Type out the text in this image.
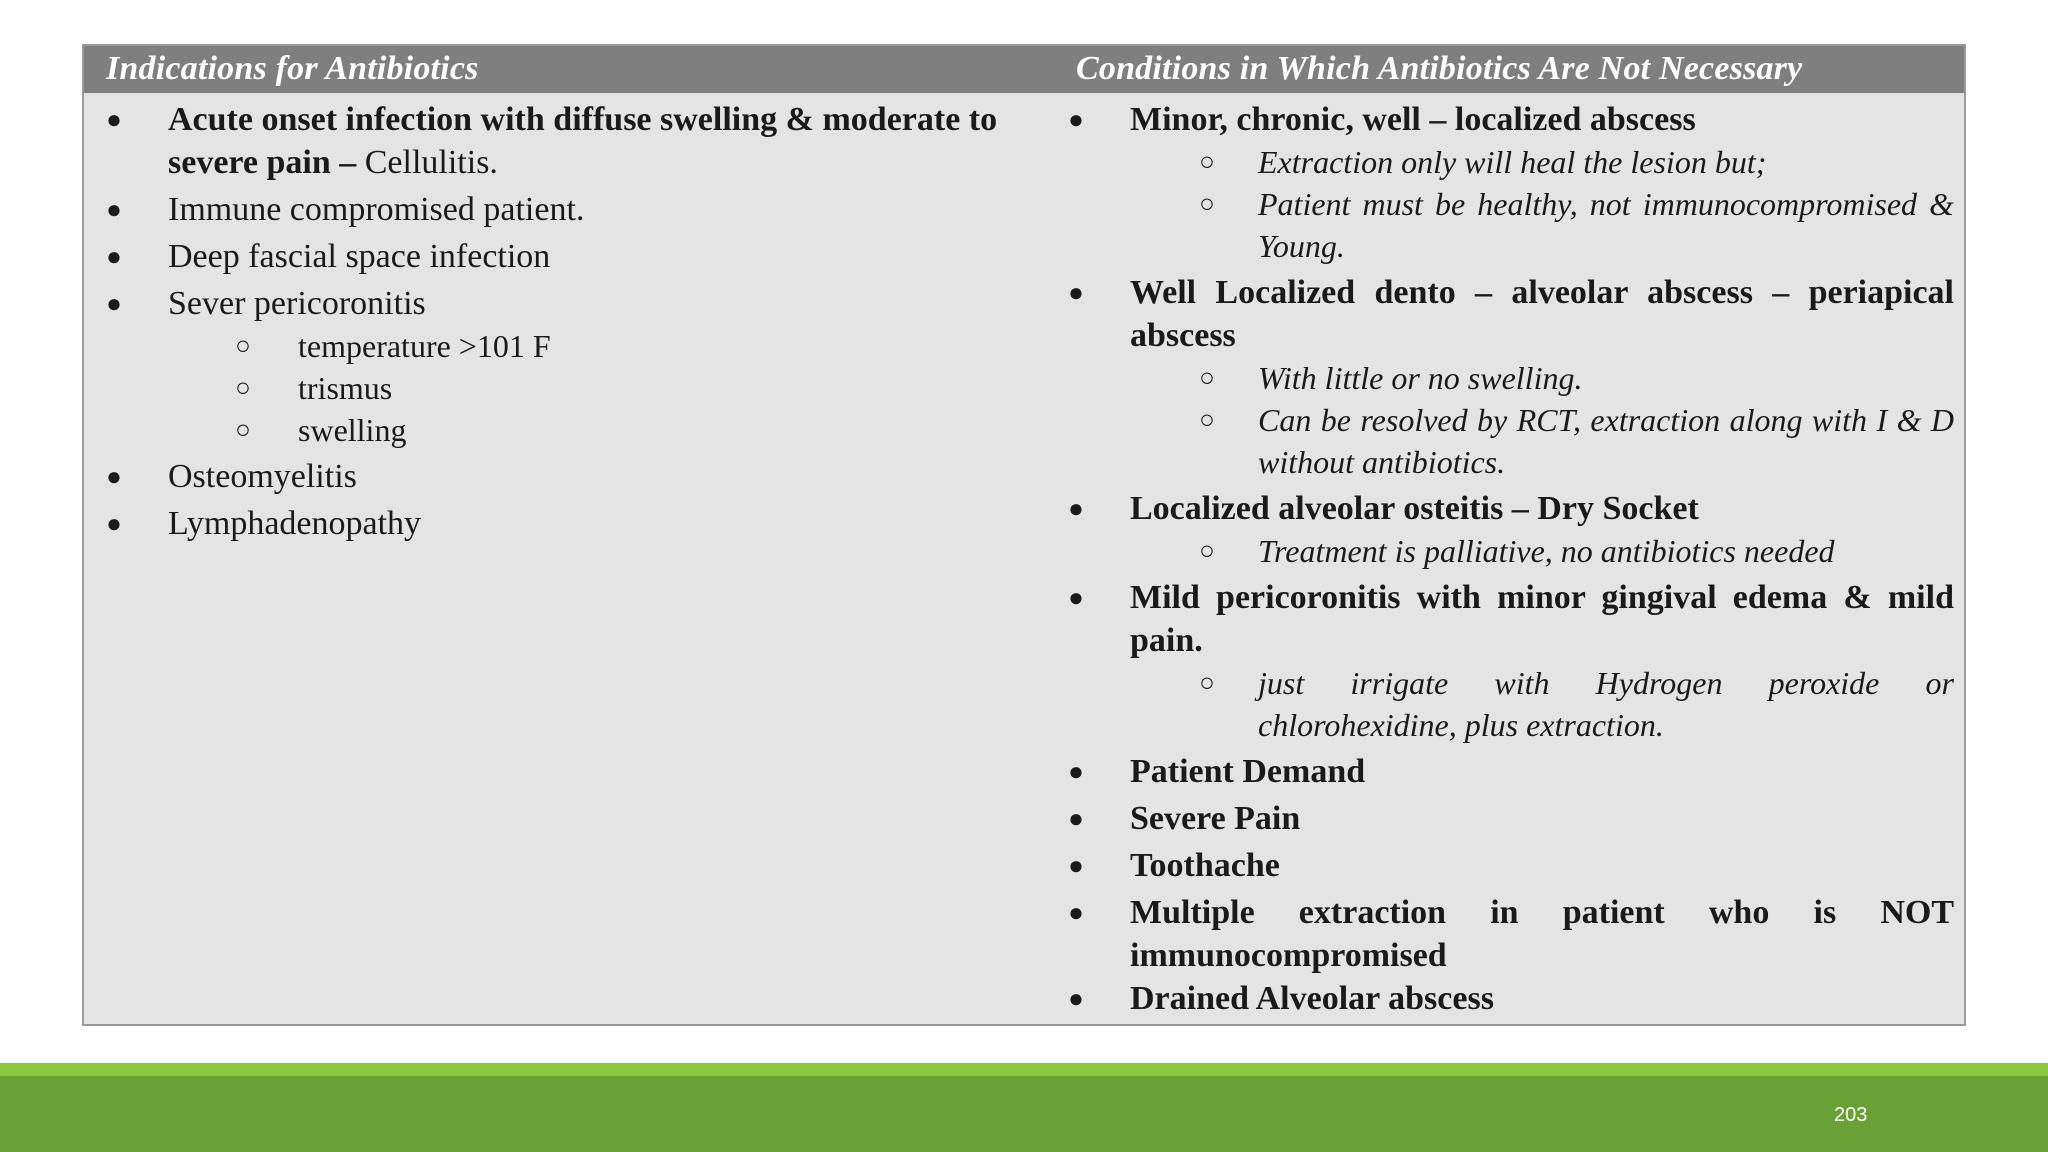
Indications for Antibiotics	Conditions in Which Antibiotics Are Not Necessary
● Acute onset infection with diffuse swelling & moderate to severe pain – Cellulitis.
● Immune compromised patient.
● Deep fascial space infection
● Sever pericoronitis
○ temperature >101 F
○ trismus
○ swelling
● Osteomyelitis
● Lymphadenopathy
● Minor, chronic, well – localized abscess
○ Extraction only will heal the lesion but;
○ Patient must be healthy, not immunocompromised & Young.
● Well Localized dento – alveolar abscess – periapical abscess
○ With little or no swelling.
○ Can be resolved by RCT, extraction along with I & D without antibiotics.
● Localized alveolar osteitis – Dry Socket
○ Treatment is palliative, no antibiotics needed
● Mild pericoronitis with minor gingival edema & mild pain.
○ just irrigate with Hydrogen peroxide or chlorohexidine, plus extraction.
● Patient Demand
● Severe Pain
● Toothache
● Multiple extraction in patient who is NOT immunocompromised
● Drained Alveolar abscess
203
